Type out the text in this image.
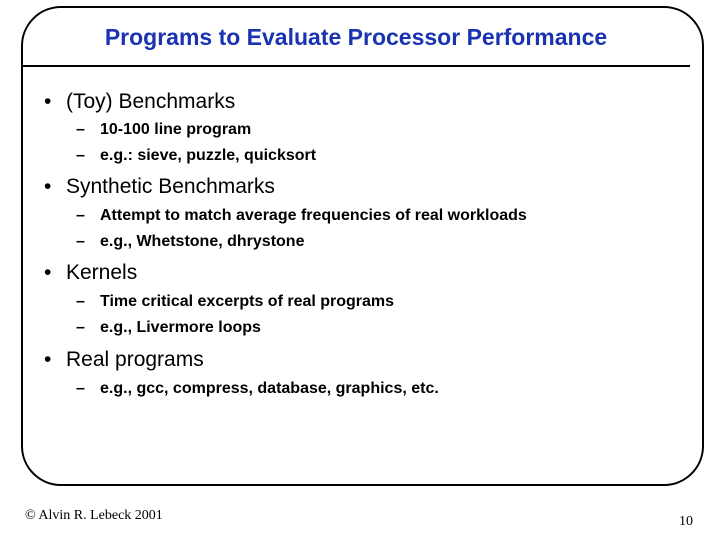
Programs to Evaluate Processor Performance
• (Toy) Benchmarks
– 10-100 line program
– e.g.: sieve, puzzle, quicksort
• Synthetic Benchmarks
– Attempt to match average frequencies of real workloads
– e.g., Whetstone, dhrystone
• Kernels
– Time critical excerpts of real programs
– e.g., Livermore loops
• Real programs
– e.g., gcc, compress, database, graphics, etc.
© Alvin R. Lebeck 2001	10
